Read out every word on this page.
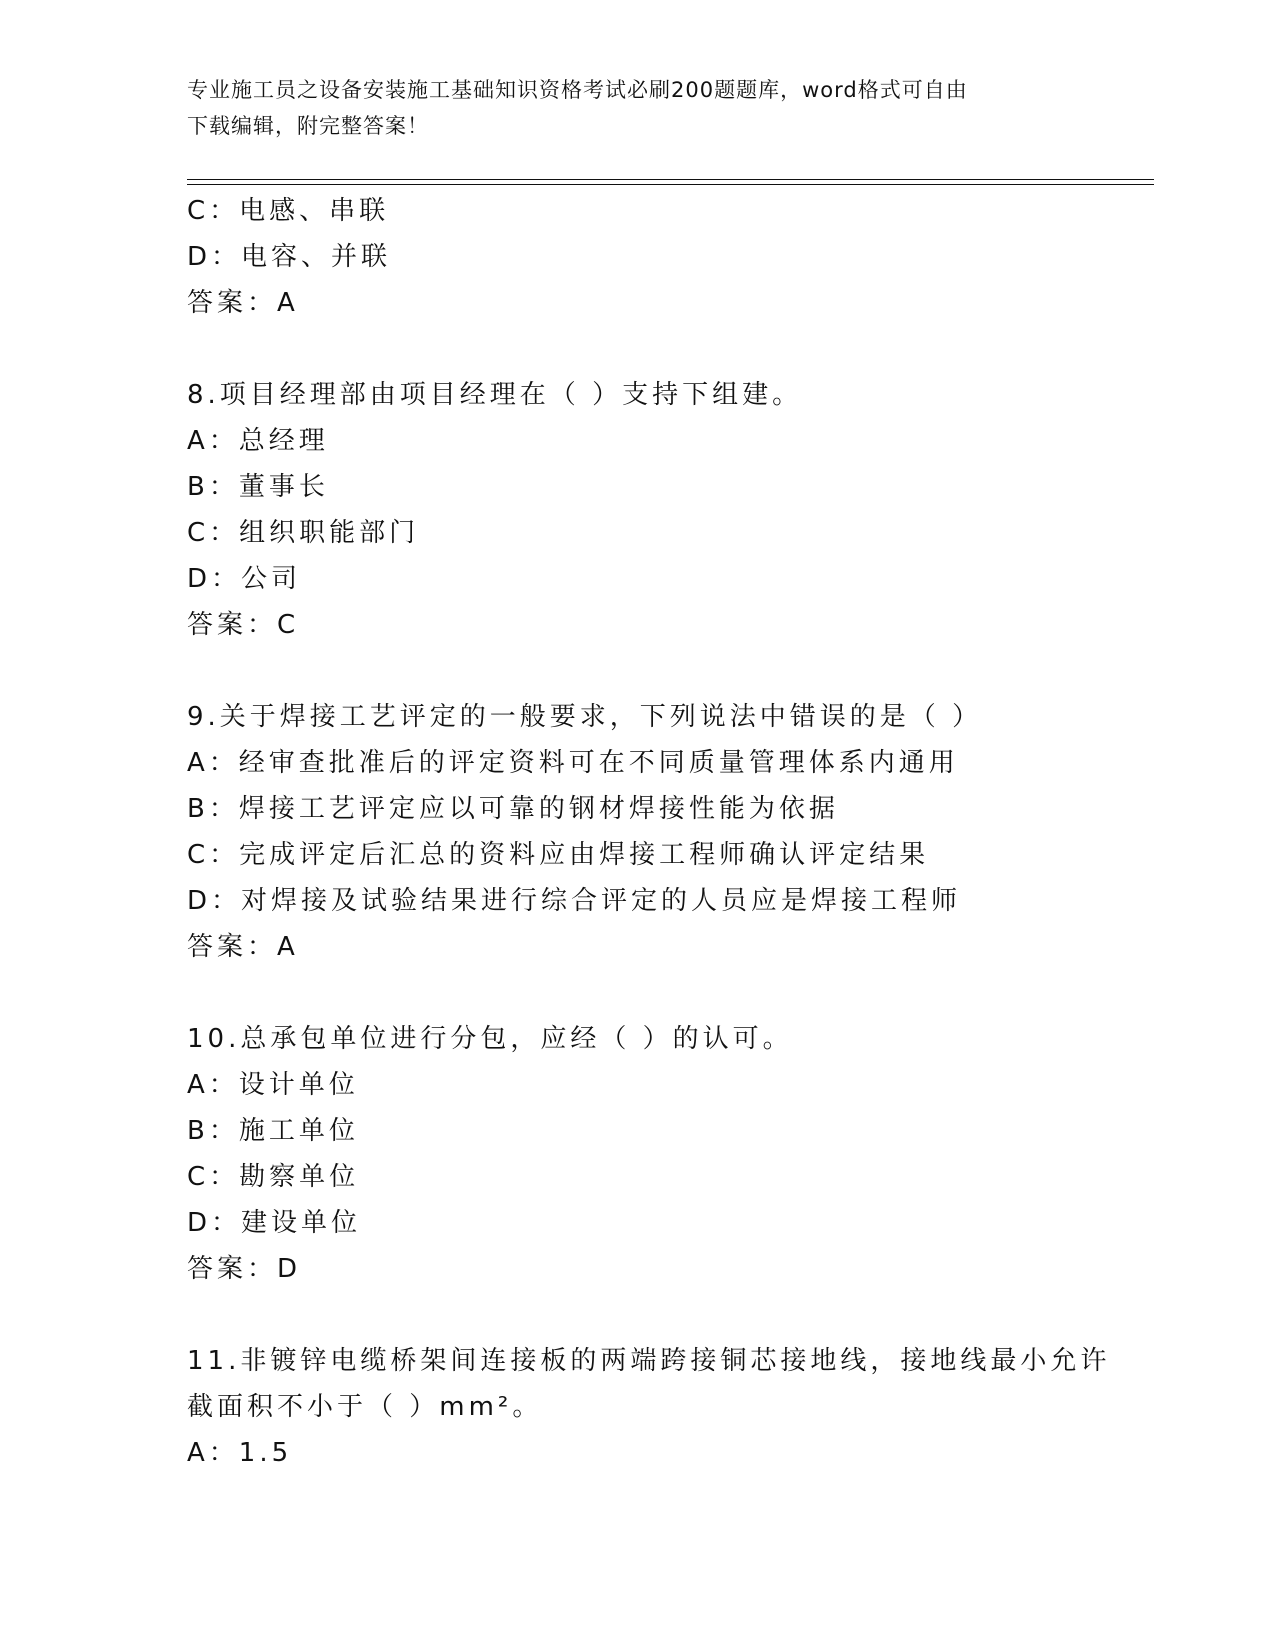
专业施工员之设备安装施工基础知识资格考试必刷200题题库，word格式可自由
下载编辑，附完整答案！
C：电感、串联
D：电容、并联
答案：A
8.项目经理部由项目经理在（ ）支持下组建。
A：总经理
B：董事长
C：组织职能部门
D：公司
答案：C
9.关于焊接工艺评定的一般要求，下列说法中错误的是（ ）
A：经审查批准后的评定资料可在不同质量管理体系内通用
B：焊接工艺评定应以可靠的钢材焊接性能为依据
C：完成评定后汇总的资料应由焊接工程师确认评定结果
D：对焊接及试验结果进行综合评定的人员应是焊接工程师
答案：A
10.总承包单位进行分包，应经（ ）的认可。
A：设计单位
B：施工单位
C：勘察单位
D：建设单位
答案：D
11.非镀锌电缆桥架间连接板的两端跨接铜芯接地线，接地线最小允许
截面积不小于（ ）mm²。
A：1.5
